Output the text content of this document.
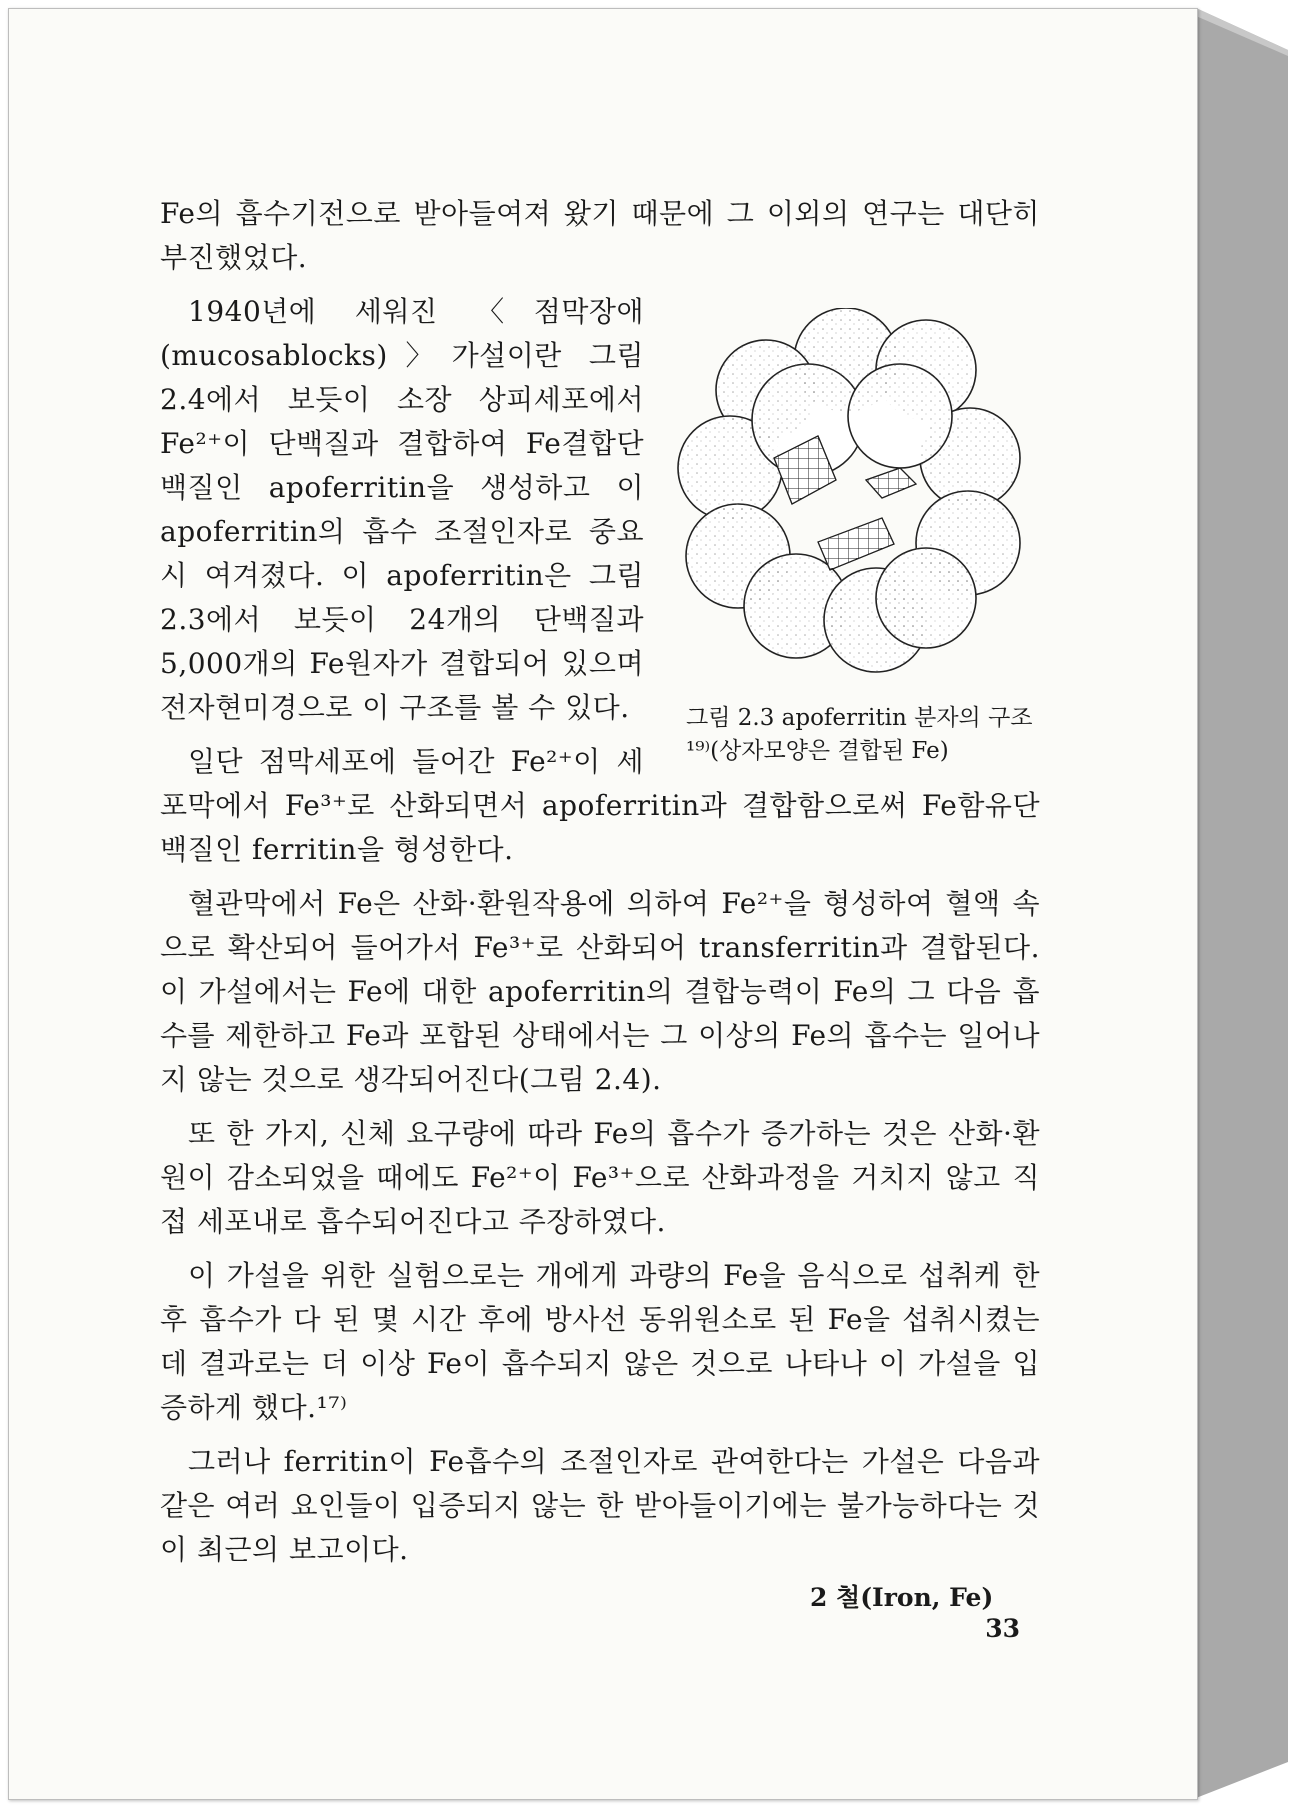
Fe의 흡수기전으로 받아들여져 왔기 때문에 그 이외의 연구는 대단히 부진했었다.

그림 2.3 apoferritin 분자의 구조¹⁹⁾(상자모양은 결합된 Fe)

1940년에 세워진 〈점막장애(mucosablocks)〉가설이란 그림 2.4에서 보듯이 소장 상피세포에서 Fe²⁺이 단백질과 결합하여 Fe결합단백질인 apoferritin을 생성하고 이 apoferritin의 흡수 조절인자로 중요시 여겨졌다. 이 apoferritin은 그림 2.3에서 보듯이 24개의 단백질과 5,000개의 Fe원자가 결합되어 있으며 전자현미경으로 이 구조를 볼 수 있다.

일단 점막세포에 들어간 Fe²⁺이 세포막에서 Fe³⁺로 산화되면서 apoferritin과 결합함으로써 Fe함유단백질인 ferritin을 형성한다.

혈관막에서 Fe은 산화·환원작용에 의하여 Fe²⁺을 형성하여 혈액 속으로 확산되어 들어가서 Fe³⁺로 산화되어 transferritin과 결합된다. 이 가설에서는 Fe에 대한 apoferritin의 결합능력이 Fe의 그 다음 흡수를 제한하고 Fe과 포합된 상태에서는 그 이상의 Fe의 흡수는 일어나지 않는 것으로 생각되어진다(그림 2.4).

또 한 가지, 신체 요구량에 따라 Fe의 흡수가 증가하는 것은 산화·환원이 감소되었을 때에도 Fe²⁺이 Fe³⁺으로 산화과정을 거치지 않고 직접 세포내로 흡수되어진다고 주장하였다.

이 가설을 위한 실험으로는 개에게 과량의 Fe을 음식으로 섭취케 한 후 흡수가 다 된 몇 시간 후에 방사선 동위원소로 된 Fe을 섭취시켰는데 결과로는 더 이상 Fe이 흡수되지 않은 것으로 나타나 이 가설을 입증하게 했다.¹⁷⁾

그러나 ferritin이 Fe흡수의 조절인자로 관여한다는 가설은 다음과 같은 여러 요인들이 입증되지 않는 한 받아들이기에는 불가능하다는 것이 최근의 보고이다.

2 철(Iron, Fe)  33
